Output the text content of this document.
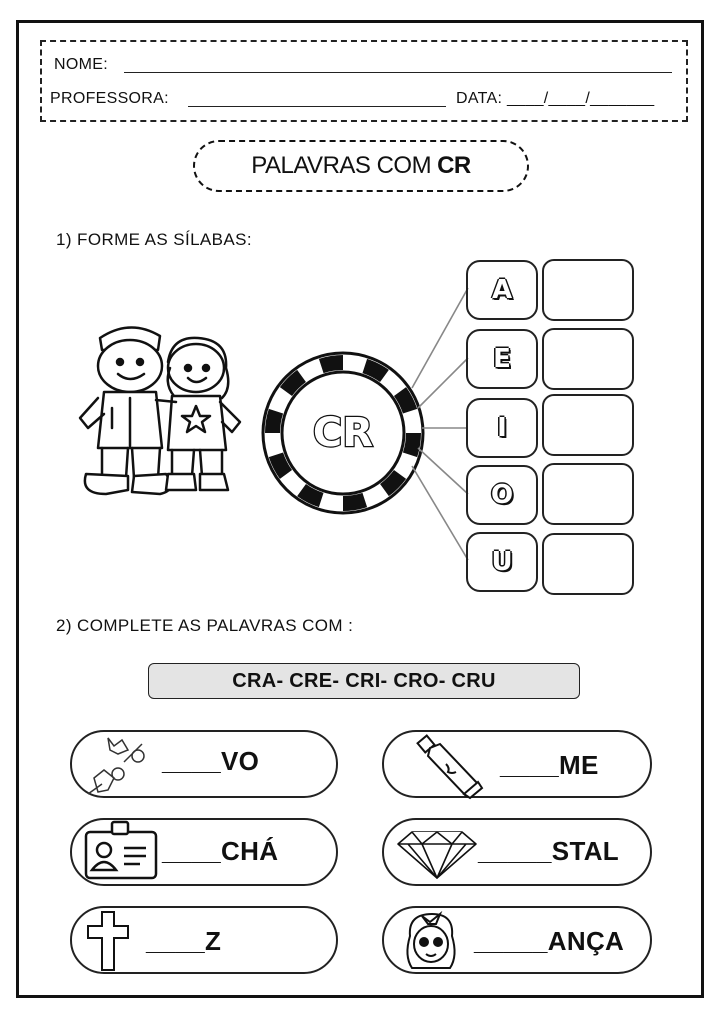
NOME:
PROFESSORA:	DATA: ____/____/_______
PALAVRAS COM CR
1) FORME AS SÍLABAS:
CR
A
E
I
O
U
2) COMPLETE AS PALAVRAS COM :
CRA- CRE- CRI- CRO- CRU
____VO	____ME
____CHÁ	_____STAL
____Z	_____ANÇA
